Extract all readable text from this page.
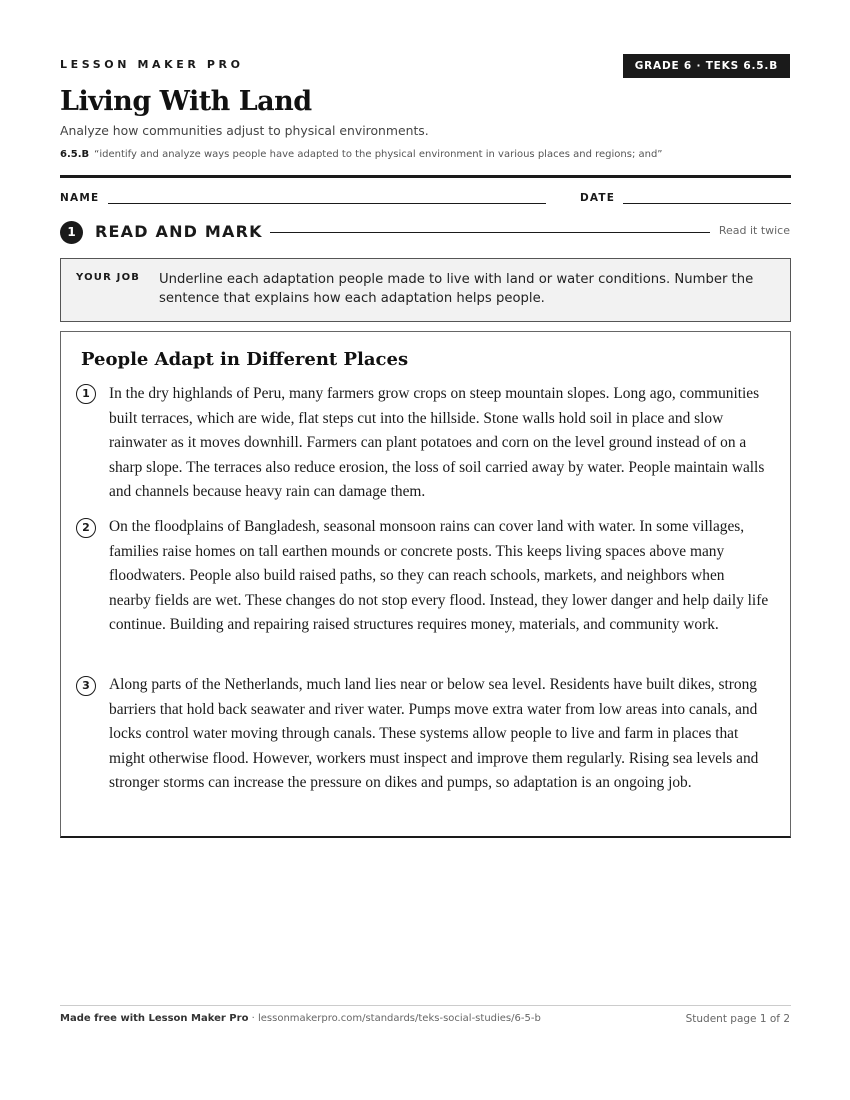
LESSON MAKER PRO	GRADE 6 · TEKS 6.5.B
Living With Land
Analyze how communities adjust to physical environments.
6.5.B “identify and analyze ways people have adapted to the physical environment in various places and regions; and”
NAME	DATE
1	READ AND MARK	Read it twice
YOUR JOB Underline each adaptation people made to live with land or water conditions. Number the sentence that explains how each adaptation helps people.
People Adapt in Different Places
1	In the dry highlands of Peru, many farmers grow crops on steep mountain slopes. Long ago, communities built terraces, which are wide, flat steps cut into the hillside. Stone walls hold soil in place and slow rainwater as it moves downhill. Farmers can plant potatoes and corn on the level ground instead of on a sharp slope. The terraces also reduce erosion, the loss of soil carried away by water. People maintain walls and channels because heavy rain can damage them.
2	On the floodplains of Bangladesh, seasonal monsoon rains can cover land with water. In some villages, families raise homes on tall earthen mounds or concrete posts. This keeps living spaces above many floodwaters. People also build raised paths, so they can reach schools, markets, and neighbors when nearby fields are wet. These changes do not stop every flood. Instead, they lower danger and help daily life continue. Building and repairing raised structures requires money, materials, and community work.
3	Along parts of the Netherlands, much land lies near or below sea level. Residents have built dikes, strong barriers that hold back seawater and river water. Pumps move extra water from low areas into canals, and locks control water moving through canals. These systems allow people to live and farm in places that might otherwise flood. However, workers must inspect and improve them regularly. Rising sea levels and stronger storms can increase the pressure on dikes and pumps, so adaptation is an ongoing job.
Made free with Lesson Maker Pro · lessonmakerpro.com/standards/teks-social-studies/6-5-b	Student page 1 of 2
